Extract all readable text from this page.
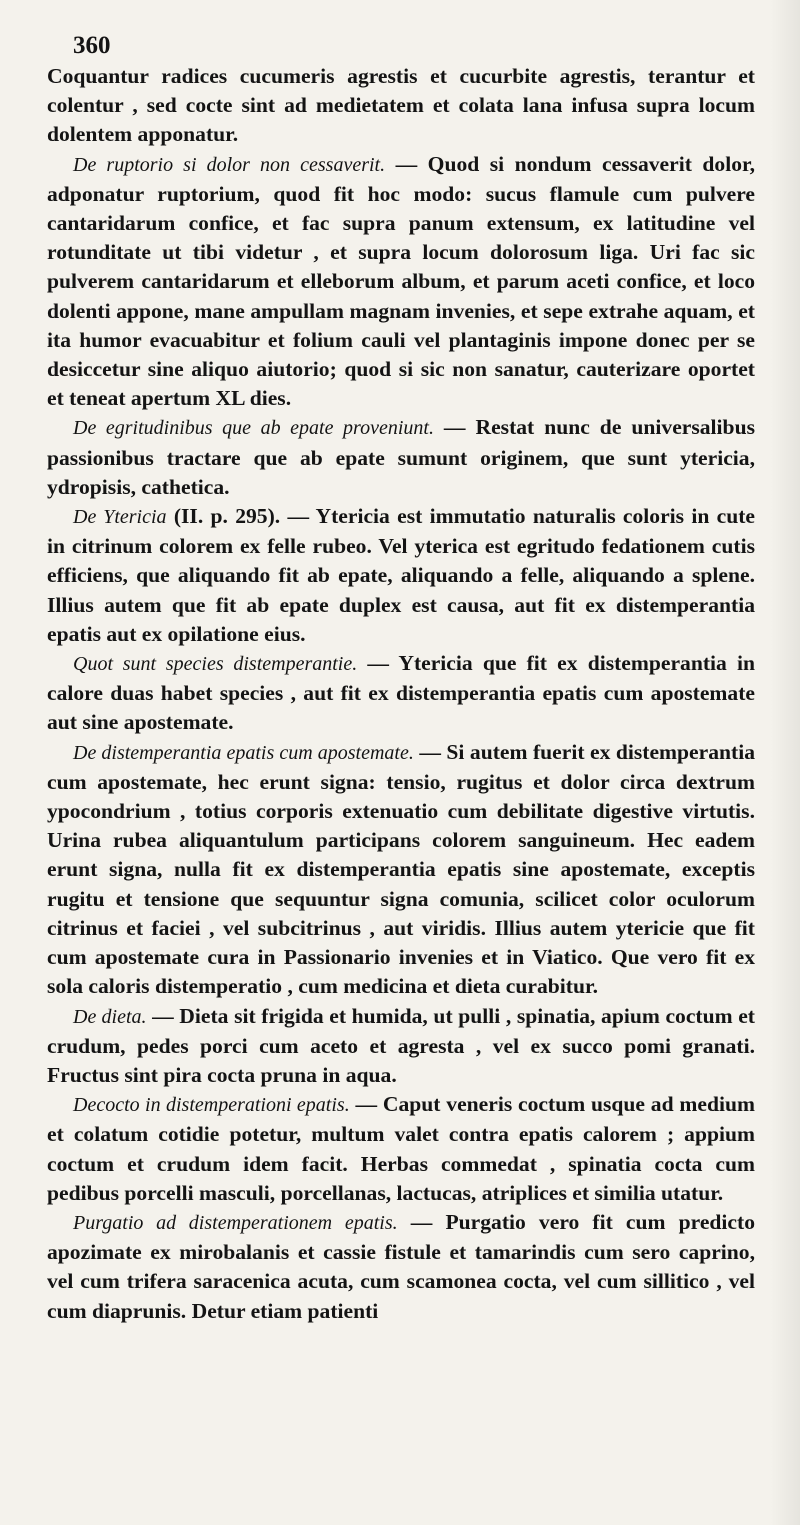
360

Coquantur radices cucumeris agrestis et cucurbite agrestis, terantur et colentur , sed cocte sint ad medietatem et colata lana infusa supra locum dolentem apponatur.

De ruptorio si dolor non cessaverit. — Quod si nondum cessaverit dolor, adponatur ruptorium, quod fit hoc modo: sucus flamule cum pulvere cantaridarum confice, et fac supra panum extensum, ex latitudine vel rotunditate ut tibi videtur , et supra locum dolorosum liga. Uri fac sic pulverem cantaridarum et elleborum album, et parum aceti confice, et loco dolenti appone, mane ampullam magnam invenies, et sepe extrahe aquam, et ita humor evacuabitur et folium cauli vel plantaginis impone donec per se desiccetur sine aliquo aiutorio; quod si sic non sanatur, cauterizare oportet et teneat apertum XL dies.

De egritudinibus que ab epate proveniunt. — Restat nunc de universalibus passionibus tractare que ab epate sumunt originem, que sunt ytericia, ydropisis, cathetica.

De Ytericia (II. p. 295). — Ytericia est immutatio naturalis coloris in cute in citrinum colorem ex felle rubeo. Vel yterica est egritudo fedationem cutis efficiens, que aliquando fit ab epate, aliquando a felle, aliquando a splene. Illius autem que fit ab epate duplex est causa, aut fit ex distemperantia epatis aut ex opilatione eius.

Quot sunt species distemperantie. — Ytericia que fit ex distemperantia in calore duas habet species , aut fit ex distemperantia epatis cum apostemate aut sine apostemate.

De distemperantia epatis cum apostemate. — Si autem fuerit ex distemperantia cum apostemate, hec erunt signa: tensio, rugitus et dolor circa dextrum ypocondrium , totius corporis extenuatio cum debilitate digestive virtutis. Urina rubea aliquantulum participans colorem sanguineum. Hec eadem erunt signa, nulla fit ex distemperantia epatis sine apostemate, exceptis rugitu et tensione que sequuntur signa comunia, scilicet color oculorum citrinus et faciei , vel subcitrinus , aut viridis. Illius autem ytericie que fit cum apostemate cura in Passionario invenies et in Viatico. Que vero fit ex sola caloris distemperatio , cum medicina et dieta curabitur.

De dieta. — Dieta sit frigida et humida, ut pulli , spinatia, apium coctum et crudum, pedes porci cum aceto et agresta , vel ex succo pomi granati. Fructus sint pira cocta pruna in aqua.

Decocto in distemperationi epatis. — Caput veneris coctum usque ad medium et colatum cotidie potetur, multum valet contra epatis calorem ; appium coctum et crudum idem facit. Herbas commedat , spinatia cocta cum pedibus porcelli masculi, porcellanas, lactucas, atriplices et similia utatur.

Purgatio ad distemperationem epatis. — Purgatio vero fit cum predicto apozimate ex mirobalanis et cassie fistule et tamarindis cum sero caprino, vel cum trifera saracenica acuta, cum scamonea cocta, vel cum sillitico , vel cum diaprunis. Detur etiam patienti
